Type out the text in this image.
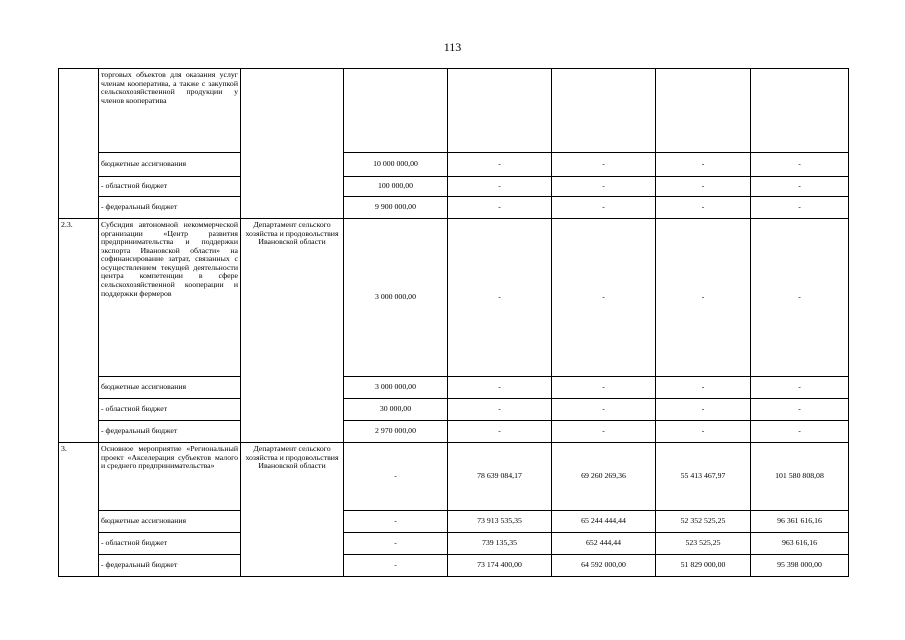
113
	торговых объектов для оказания услуг членам кооператива, а также с закупкой сельскохозяйственной продукции у членов кооператива						
	бюджетные ассигнования		10 000 000,00	-	-	-	-
	- областной бюджет		100 000,00	-	-	-	-
	- федеральный бюджет		9 900 000,00	-	-	-	-
2.3.	Субсидия автономной некоммерческой организации «Центр развития предпринимательства и поддержки экспорта Ивановской области» на софинансирование затрат, связанных с осуществлением текущей деятельности центра компетенции в сфере сельскохозяйственной кооперации и поддержки фермеров	Департамент сельского хозяйства и продовольствия Ивановской области	3 000 000,00	-	-	-	-
	бюджетные ассигнования		3 000 000,00	-	-	-	-
	- областной бюджет		30 000,00	-	-	-	-
	- федеральный бюджет		2 970 000,00	-	-	-	-
3.	Основное мероприятие «Региональный проект «Акселерация субъектов малого и среднего предпринимательства»	Департамент сельского хозяйства и продовольствия Ивановской области	-	78 639 084,17	69 260 269,36	55 413 467,97	101 580 808,08
	бюджетные ассигнования		-	73 913 535,35	65 244 444,44	52 352 525,25	96 361 616,16
	- областной бюджет		-	739 135,35	652 444,44	523 525,25	963 616,16
	- федеральный бюджет		-	73 174 400,00	64 592 000,00	51 829 000,00	95 398 000,00
